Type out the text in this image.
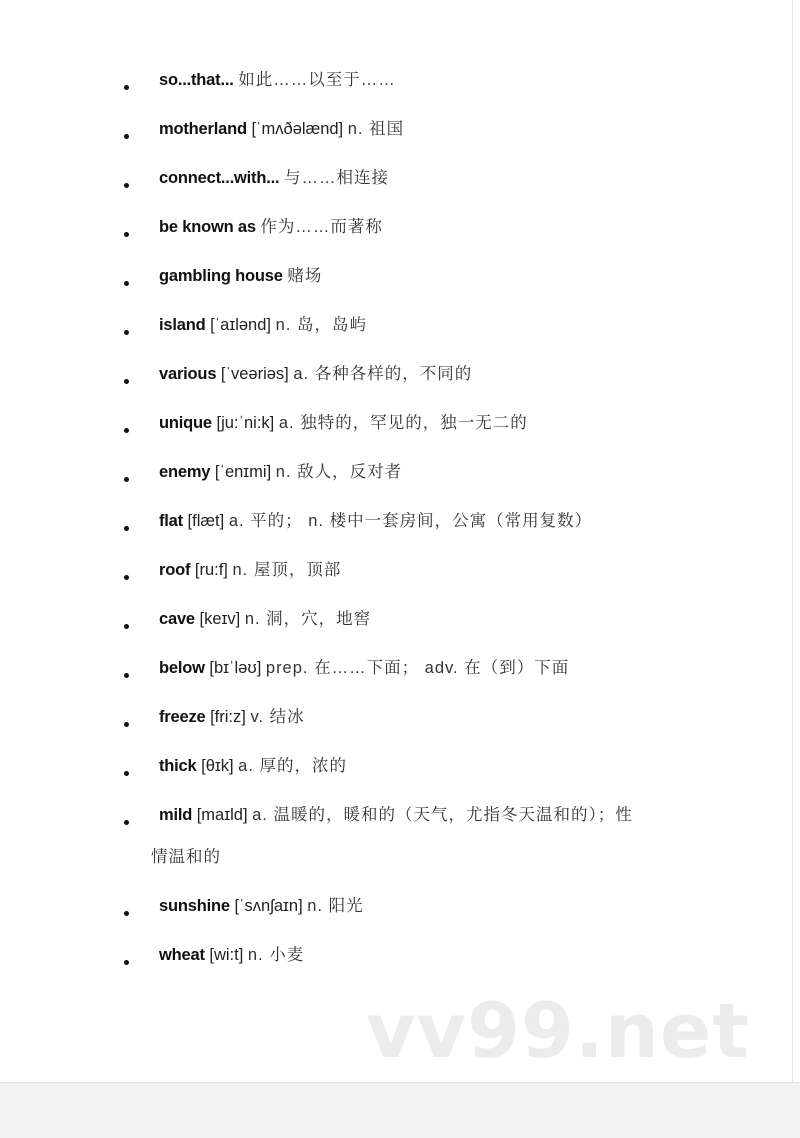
so...that... 如此……以至于……
motherland [ˈmʌðəlænd] n. 祖国
connect...with... 与……相连接
be known as 作为……而著称
gambling house 赌场
island [ˈaɪlənd] n. 岛，岛屿
various [ˈveəriəs] a. 各种各样的，不同的
unique [ju:ˈni:k] a. 独特的，罕见的，独一无二的
enemy [ˈenɪmi] n. 敌人，反对者
flat [flæt] a. 平的； n. 楼中一套房间，公寓（常用复数）
roof [ru:f] n. 屋顶，顶部
cave [keɪv] n. 洞，穴，地窖
below [bɪˈləʊ] prep. 在……下面； adv. 在（到）下面
freeze [fri:z] v. 结冰
thick [θɪk] a. 厚的，浓的
mild [maɪld] a. 温暖的，暖和的（天气，尤指冬天温和的）；性
情温和的
sunshine [ˈsʌnʃaɪn] n. 阳光
wheat [wi:t] n. 小麦
vv99.net
